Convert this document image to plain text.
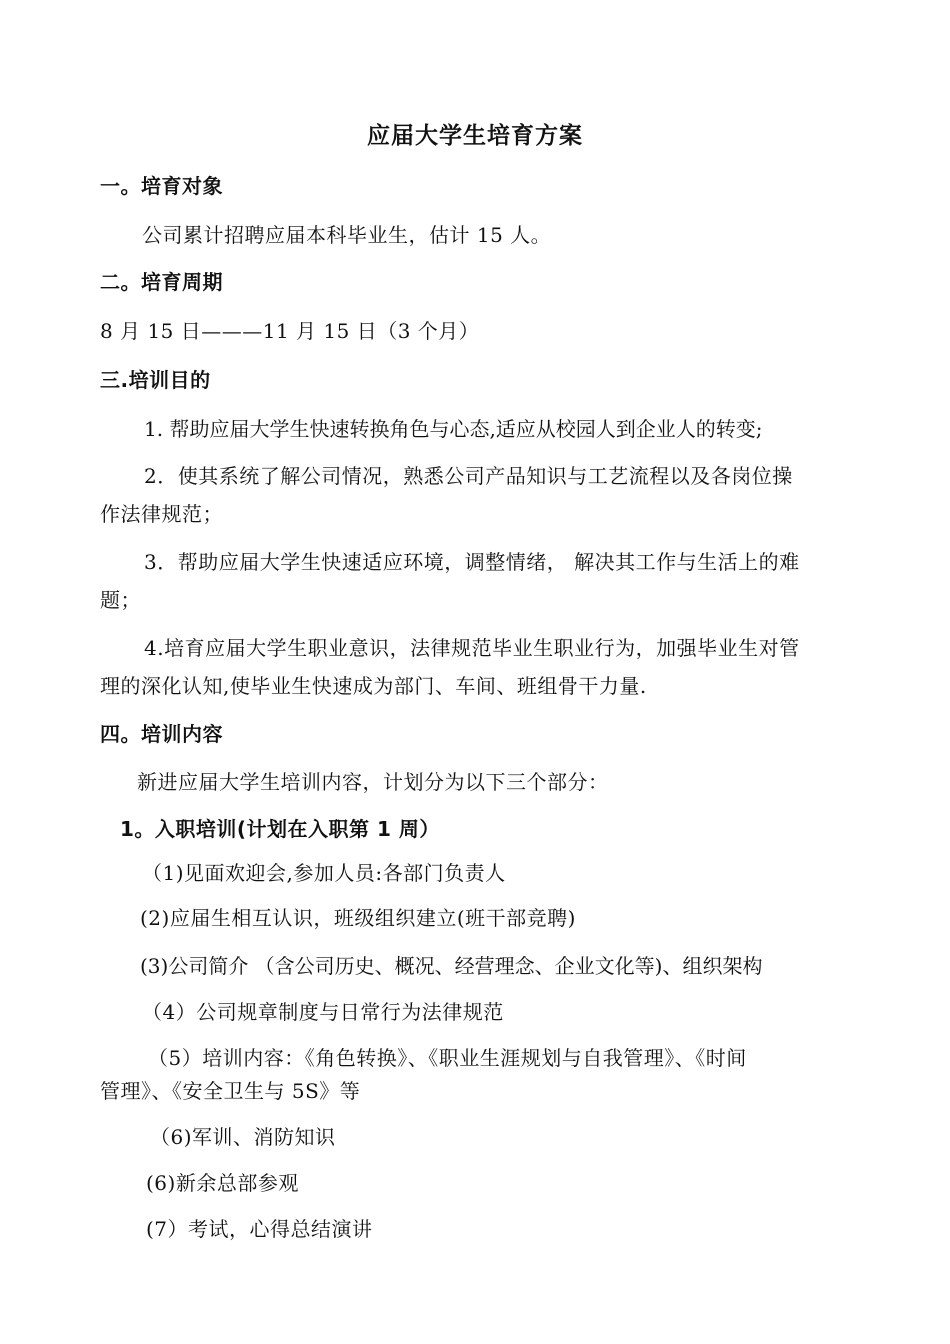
应届大学生培育方案
一。培育对象
公司累计招聘应届本科毕业生，估计 15 人。
二。培育周期
8 月 15 日———11 月 15 日（3 个月）
三.培训目的
1. 帮助应届大学生快速转换角色与心态,适应从校园人到企业人的转变;
2．使其系统了解公司情况，熟悉公司产品知识与工艺流程以及各岗位操
作法律规范；
3．帮助应届大学生快速适应环境，调整情绪， 解决其工作与生活上的难
题；
4.培育应届大学生职业意识，法律规范毕业生职业行为，加强毕业生对管
理的深化认知,使毕业生快速成为部门、车间、班组骨干力量.
四。培训内容
新进应届大学生培训内容，计划分为以下三个部分：
1。入职培训(计划在入职第 1 周）
（1)见面欢迎会,参加人员:各部门负责人
(2)应届生相互认识，班级组织建立(班干部竞聘)
(3)公司简介 （含公司历史、概况、经营理念、企业文化等)、组织架构
（4）公司规章制度与日常行为法律规范
（5）培训内容：《角色转换》、《职业生涯规划与自我管理》、《时间
管理》、《安全卫生与 5S》等
（6)军训、消防知识
(6)新余总部参观
(7）考试，心得总结演讲
